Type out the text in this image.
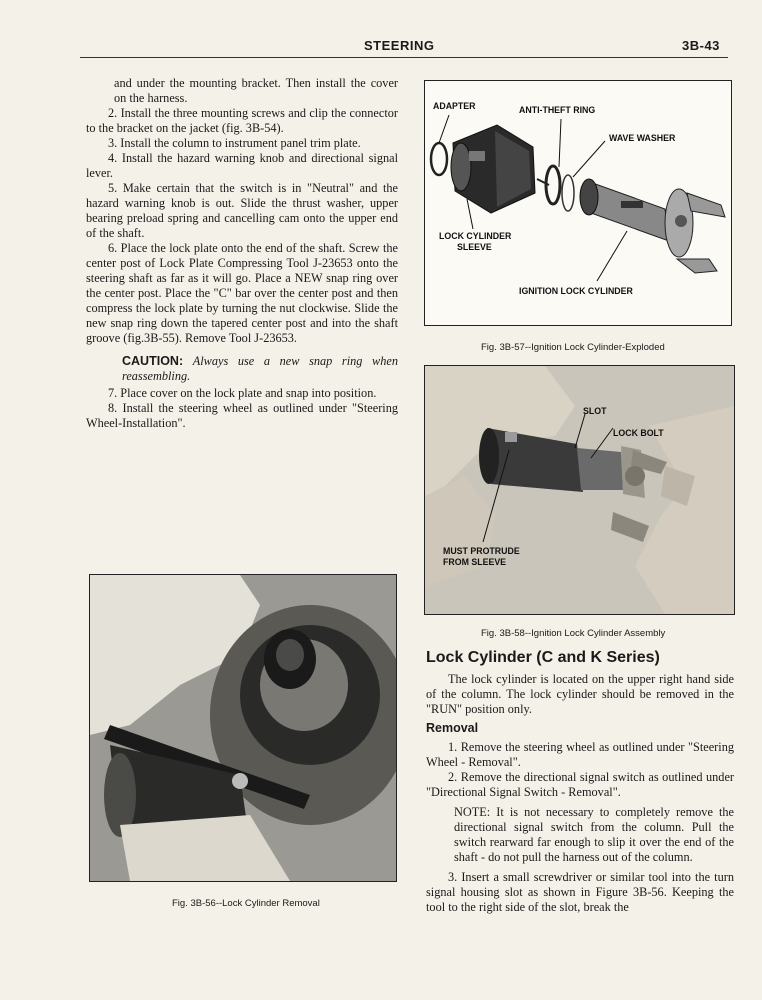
STEERING	3B-43

and under the mounting bracket. Then install the cover on the harness.

2. Install the three mounting screws and clip the connector to the bracket on the jacket (fig. 3B-54).

3. Install the column to instrument panel trim plate.

4. Install the hazard warning knob and directional signal lever.

5. Make certain that the switch is in "Neutral" and the hazard warning knob is out. Slide the thrust washer, upper bearing preload spring and cancelling cam onto the upper end of the shaft.

6. Place the lock plate onto the end of the shaft. Screw the center post of Lock Plate Compressing Tool J-23653 onto the steering shaft as far as it will go. Place a NEW snap ring over the center post. Place the "C" bar over the center post and then compress the lock plate by turning the nut clockwise. Slide the new snap ring down the tapered center post and into the shaft groove (fig.3B-55). Remove Tool J-23653.

CAUTION: Always use a new snap ring when reassembling.

7. Place cover on the lock plate and snap into position.

8. Install the steering wheel as outlined under "Steering Wheel-Installation".

ADAPTER	ANTI-THEFT RING
WAVE WASHER
LOCK CYLINDER
SLEEVE
IGNITION LOCK CYLINDER
Fig. 3B-57--Ignition Lock Cylinder-Exploded
SLOT
LOCK BOLT
MUST PROTRUDE
FROM SLEEVE
Fig. 3B-58--Ignition Lock Cylinder Assembly
Fig. 3B-56--Lock Cylinder Removal
Lock Cylinder (C and K Series)

The lock cylinder is located on the upper right hand side of the column. The lock cylinder should be removed in the "RUN" position only.

Removal

1. Remove the steering wheel as outlined under "Steering Wheel - Removal".

2. Remove the directional signal switch as outlined under "Directional Signal Switch - Removal".

NOTE: It is not necessary to completely remove the directional signal switch from the column. Pull the switch rearward far enough to slip it over the end of the shaft - do not pull the harness out of the column.

3. Insert a small screwdriver or similar tool into the turn signal housing slot as shown in Figure 3B-56. Keeping the tool to the right side of the slot, break the
